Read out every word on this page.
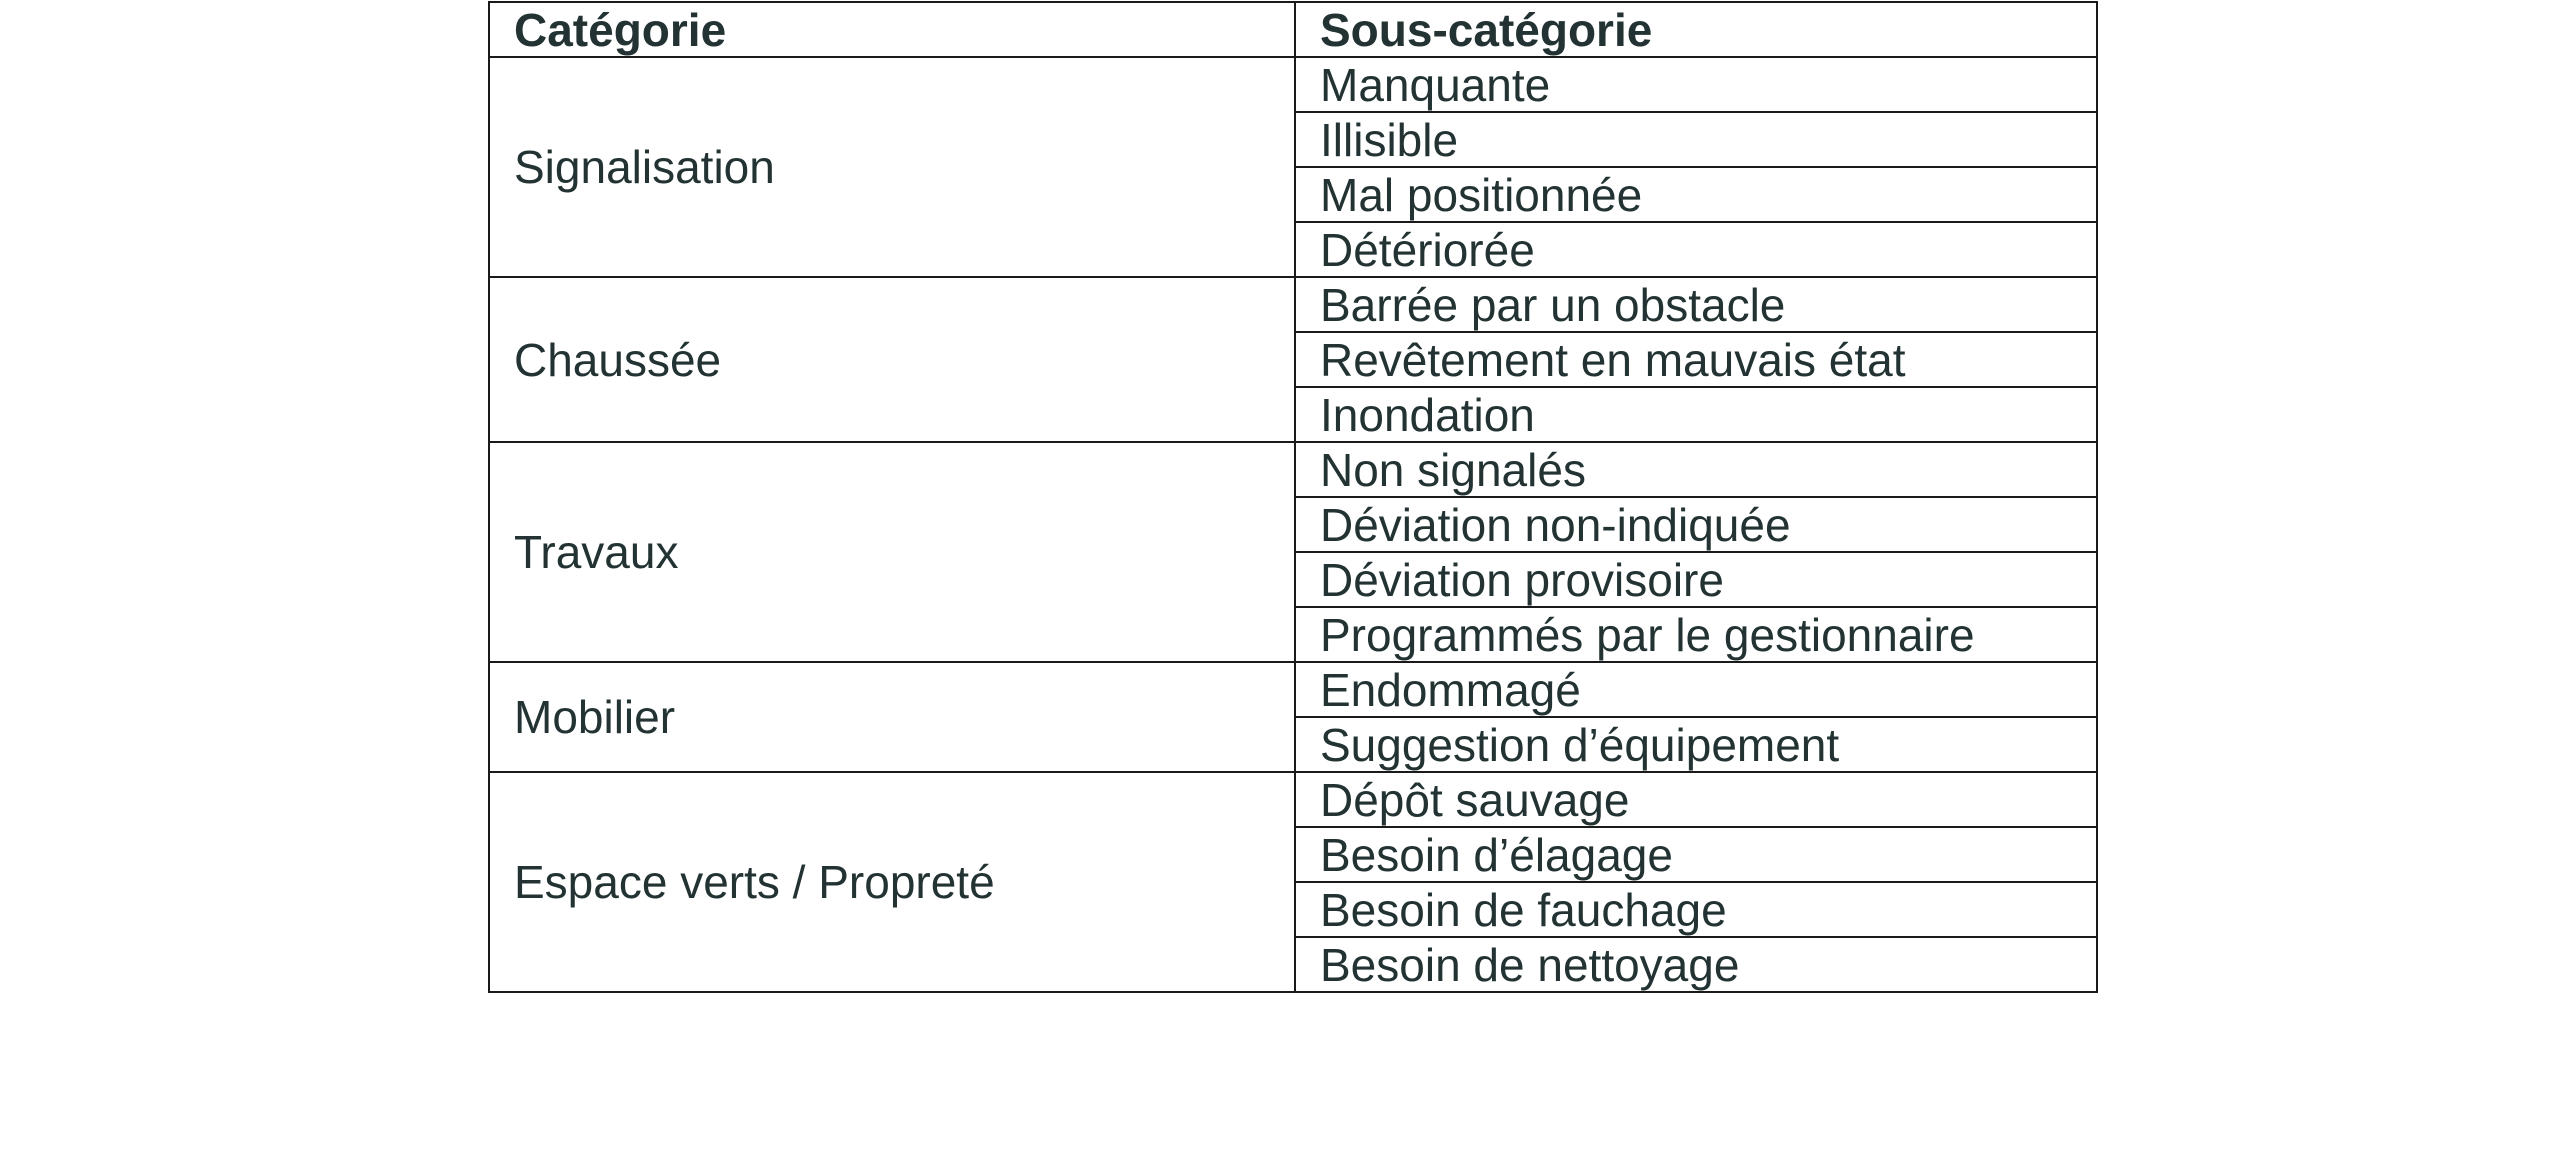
Catégorie	Sous-catégorie
Signalisation	Manquante
	Illisible
	Mal positionnée
	Détériorée
Chaussée	Barrée par un obstacle
	Revêtement en mauvais état
	Inondation
Travaux	Non signalés
	Déviation non-indiquée
	Déviation provisoire
	Programmés par le gestionnaire
Mobilier	Endommagé
	Suggestion d’équipement
Espace verts / Propreté	Dépôt sauvage
	Besoin d’élagage
	Besoin de fauchage
	Besoin de nettoyage
